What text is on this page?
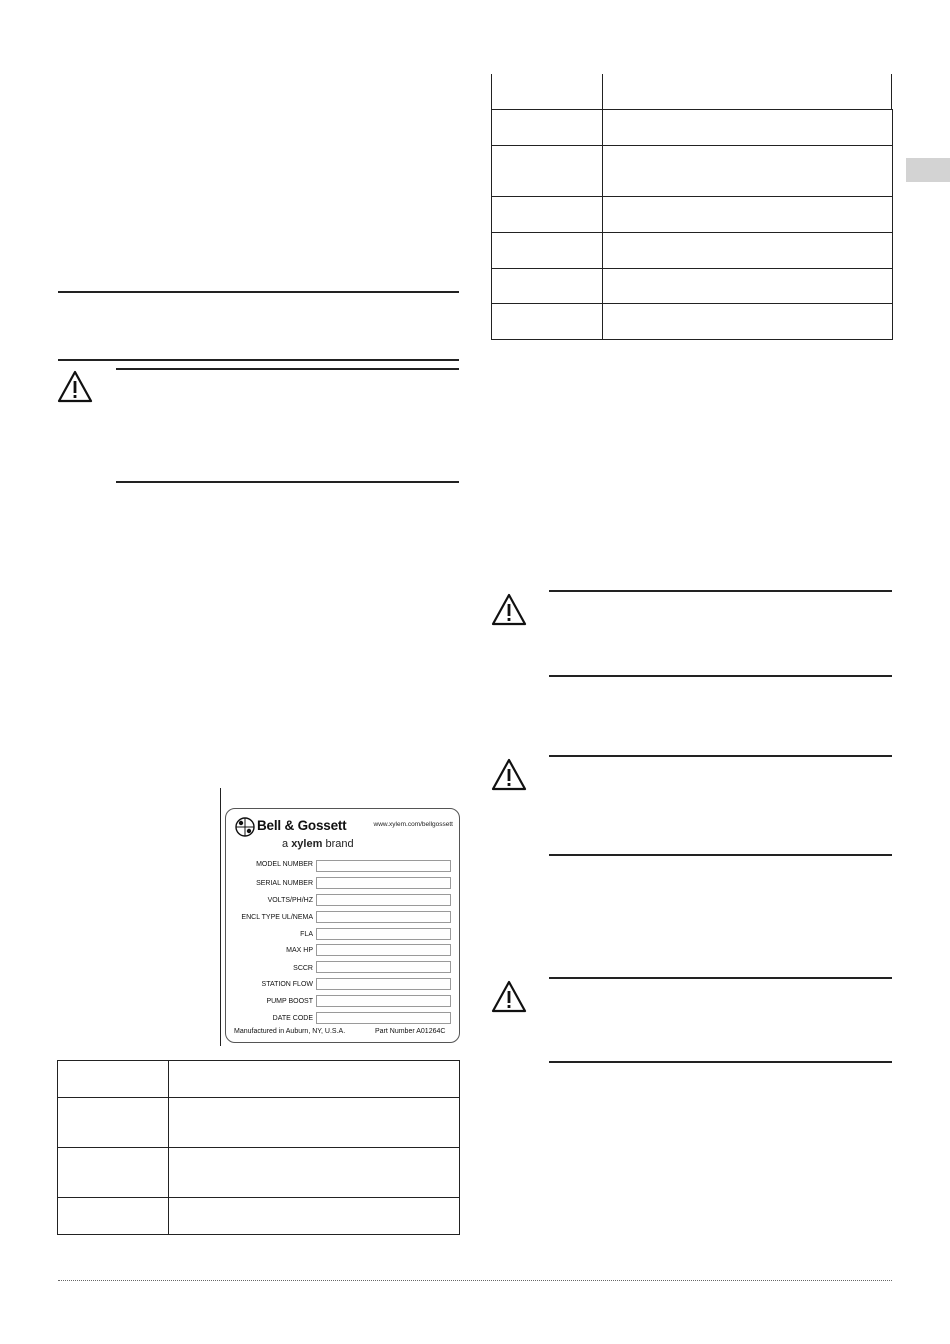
Bell & Gossett	www.xylem.com/bellgossett
a xylem brand
MODEL NUMBER
SERIAL NUMBER
VOLTS/PH/HZ
ENCL TYPE UL/NEMA
FLA
MAX HP
SCCR
STATION FLOW
PUMP BOOST
DATE CODE
Manufactured in Auburn, NY, U.S.A.	Part Number A01264C
